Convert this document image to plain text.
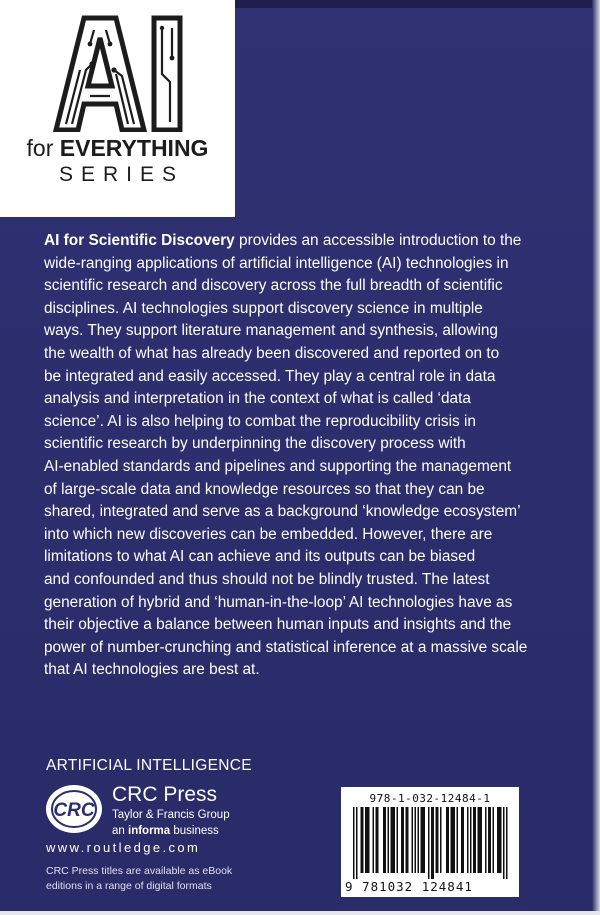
for EVERYTHING
SERIES
AI for Scientific Discovery provides an accessible introduction to the
wide-ranging applications of artificial intelligence (AI) technologies in
scientific research and discovery across the full breadth of scientific
disciplines. AI technologies support discovery science in multiple
ways. They support literature management and synthesis, allowing
the wealth of what has already been discovered and reported on to
be integrated and easily accessed. They play a central role in data
analysis and interpretation in the context of what is called ‘data
science’. AI is also helping to combat the reproducibility crisis in
scientific research by underpinning the discovery process with
AI-enabled standards and pipelines and supporting the management
of large-scale data and knowledge resources so that they can be
shared, integrated and serve as a background ‘knowledge ecosystem’
into which new discoveries can be embedded. However, there are
limitations to what AI can achieve and its outputs can be biased
and confounded and thus should not be blindly trusted. The latest
generation of hybrid and ‘human-in-the-loop’ AI technologies have as
their objective a balance between human inputs and insights and the
power of number-crunching and statistical inference at a massive scale
that AI technologies are best at.
ARTIFICIAL INTELLIGENCE
CRC
CRC Press
Taylor & Francis Group
an informa business
www.routledge.com
CRC Press titles are available as eBook editions in a range of digital formats
978-1-032-12484-1
9 781032 124841
